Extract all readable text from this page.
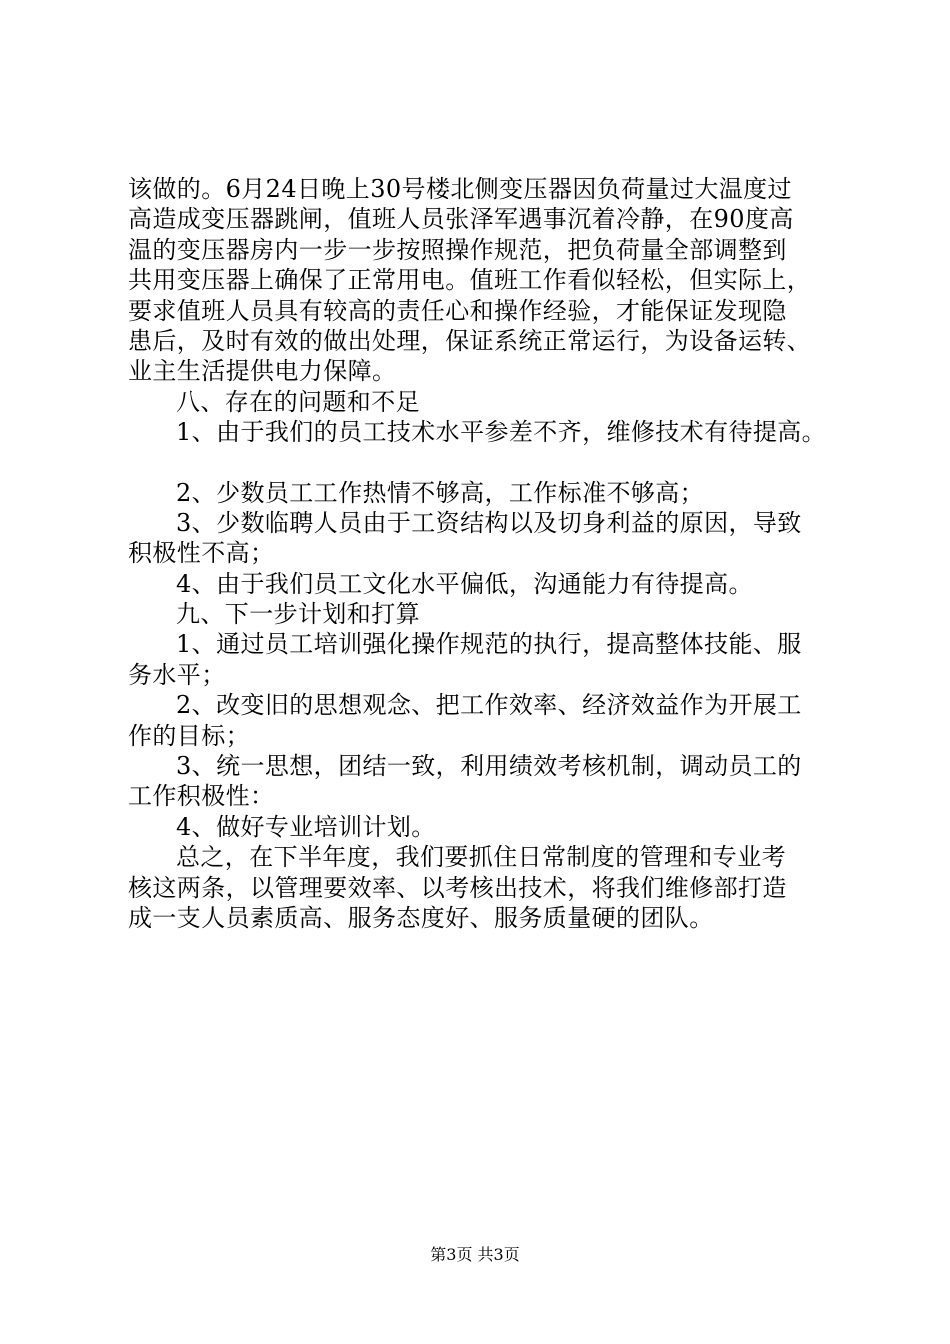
该做的。6月24日晚上30号楼北侧变压器因负荷量过大温度过
高造成变压器跳闸，值班人员张泽军遇事沉着冷静，在90度高
温的变压器房内一步一步按照操作规范，把负荷量全部调整到
共用变压器上确保了正常用电。值班工作看似轻松，但实际上，
要求值班人员具有较高的责任心和操作经验，才能保证发现隐
患后，及时有效的做出处理，保证系统正常运行，为设备运转、
业主生活提供电力保障。
八、存在的问题和不足
1、由于我们的员工技术水平参差不齐，维修技术有待提高。
2、少数员工工作热情不够高，工作标准不够高；
3、少数临聘人员由于工资结构以及切身利益的原因，导致
积极性不高；
4、由于我们员工文化水平偏低，沟通能力有待提高。
九、下一步计划和打算
1、通过员工培训强化操作规范的执行，提高整体技能、服
务水平；
2、改变旧的思想观念、把工作效率、经济效益作为开展工
作的目标；
3、统一思想，团结一致，利用绩效考核机制，调动员工的
工作积极性：
4、做好专业培训计划。
总之，在下半年度，我们要抓住日常制度的管理和专业考
核这两条，以管理要效率、以考核出技术，将我们维修部打造
成一支人员素质高、服务态度好、服务质量硬的团队。
第3页 共3页
